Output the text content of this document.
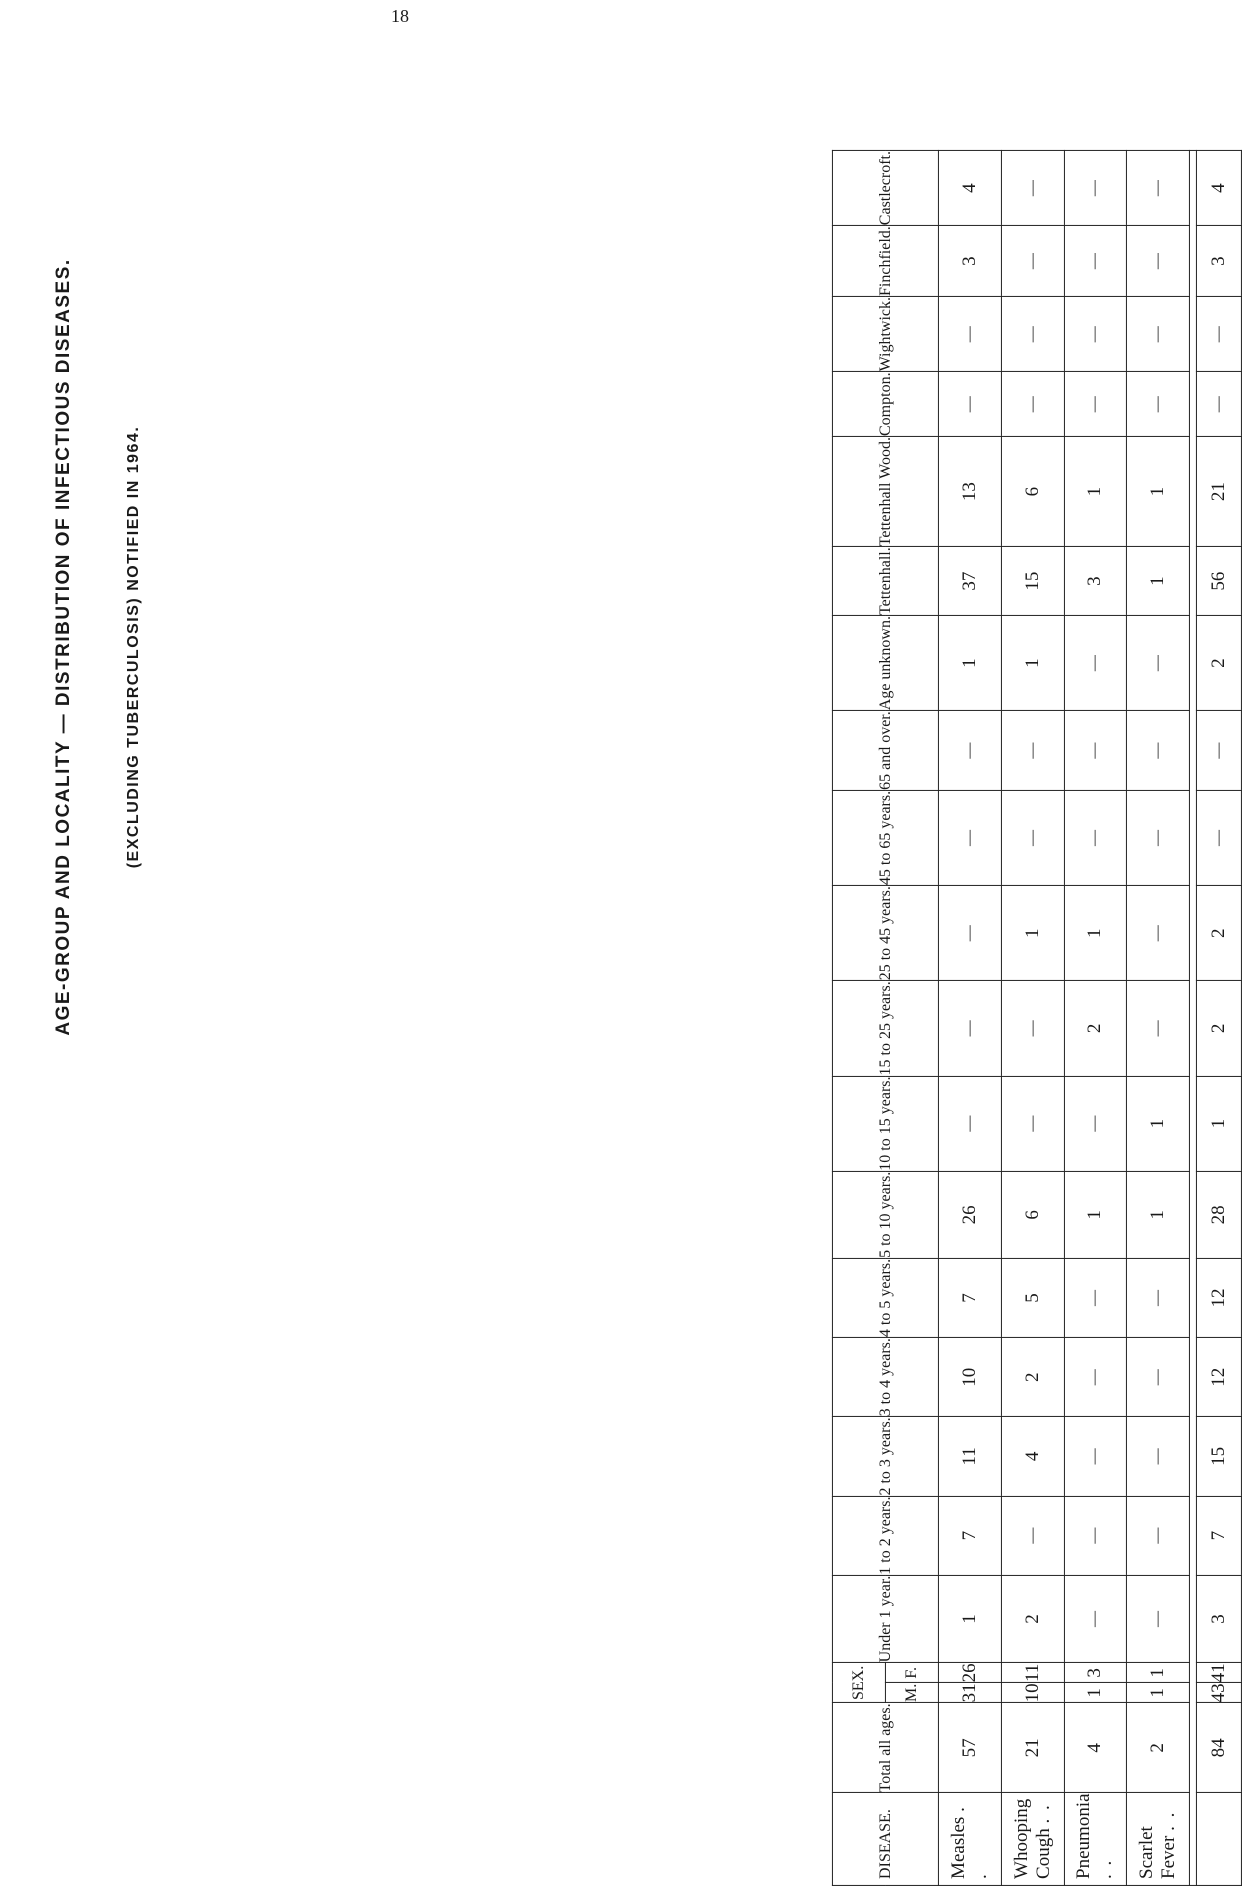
18
AGE-GROUP AND LOCALITY — DISTRIBUTION OF INFECTIOUS DISEASES.	(EXCLUDING TUBERCULOSIS) NOTIFIED IN 1964.
DISEASE.	Total all ages.	SEX.		Under 1 year.	1 to 2 years.	2 to 3 years.	3 to 4 years.	4 to 5 years.	5 to 10 years.	10 to 15 years.	15 to 25 years.	25 to 45 years.	45 to 65 years.	65 and over.	Age unknown.	Tettenhall.	Tettenhall Wood.	Compton.	Wightwick.	Finchfield.	Castlecroft.
		M.	F.																		
Measles . .	57	31	26	1	7	11	10	7	26	—	—	—	—	—	1	37	13	—	—	3	4
Whooping Cough . .	21	10	11	2	—	4	2	5	6	—	—	1	—	—	1	15	6	—	—	—	—
Pneumonia . .	4	1	3	—	—	—	—	—	1	—	2	1	—	—	—	3	1	—	—	—	—
Scarlet Fever . .	2	1	1	—	—	—	—	—	1	1	—	—	—	—	—	1	1	—	—	—	—

	84	43	41	3	7	15	12	12	28	1	2	2	—	—	2	56	21	—	—	3	4
